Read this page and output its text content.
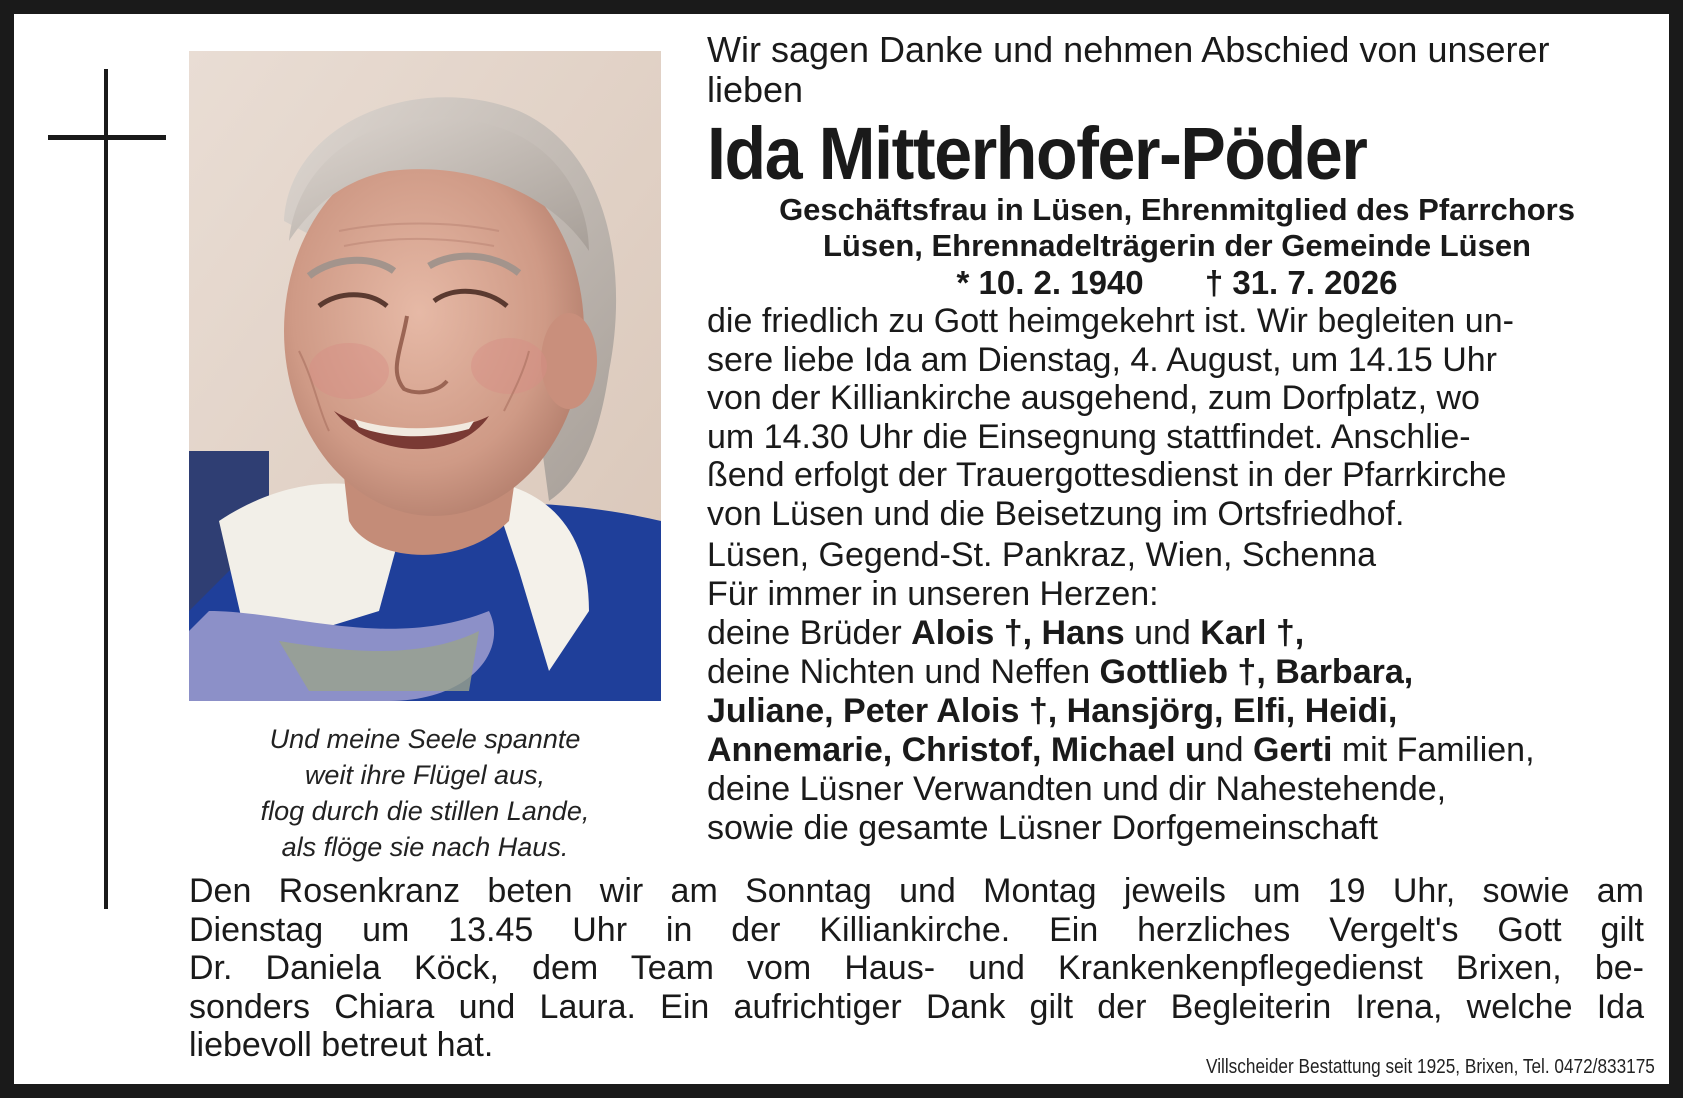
Und meine Seele spannte
weit ihre Flügel aus,
flog durch die stillen Lande,
als flöge sie nach Haus.
Wir sagen Danke und nehmen Abschied von unserer
lieben
Ida Mitterhofer-Pöder
Geschäftsfrau in Lüsen, Ehrenmitglied des Pfarrchors
Lüsen, Ehrennadelträgerin der Gemeinde Lüsen
* 10. 2. 1940 † 31. 7. 2026
die friedlich zu Gott heimgekehrt ist. Wir begleiten un-
sere liebe Ida am Dienstag, 4. August, um 14.15 Uhr
von der Killiankirche ausgehend, zum Dorfplatz, wo
um 14.30 Uhr die Einsegnung stattfindet. Anschlie-
ßend erfolgt der Trauergottesdienst in der Pfarrkirche
von Lüsen und die Beisetzung im Ortsfriedhof.
Lüsen, Gegend-St. Pankraz, Wien, Schenna
Für immer in unseren Herzen:
deine Brüder Alois †, Hans und Karl †,
deine Nichten und Neffen Gottlieb †, Barbara,
Juliane, Peter Alois †, Hansjörg, Elfi, Heidi,
Annemarie, Christof, Michael und Gerti mit Familien,
deine Lüsner Verwandten und dir Nahestehende,
sowie die gesamte Lüsner Dorfgemeinschaft
Den Rosenkranz beten wir am Sonntag und Montag jeweils um 19 Uhr, sowie am
Dienstag um 13.45 Uhr in der Killiankirche. Ein herzliches Vergelt's Gott gilt
Dr. Daniela Köck, dem Team vom Haus- und Krankenkenpflegedienst Brixen, be-
sonders Chiara und Laura. Ein aufrichtiger Dank gilt der Begleiterin Irena, welche Ida
liebevoll betreut hat.
Villscheider Bestattung seit 1925, Brixen, Tel. 0472/833175
